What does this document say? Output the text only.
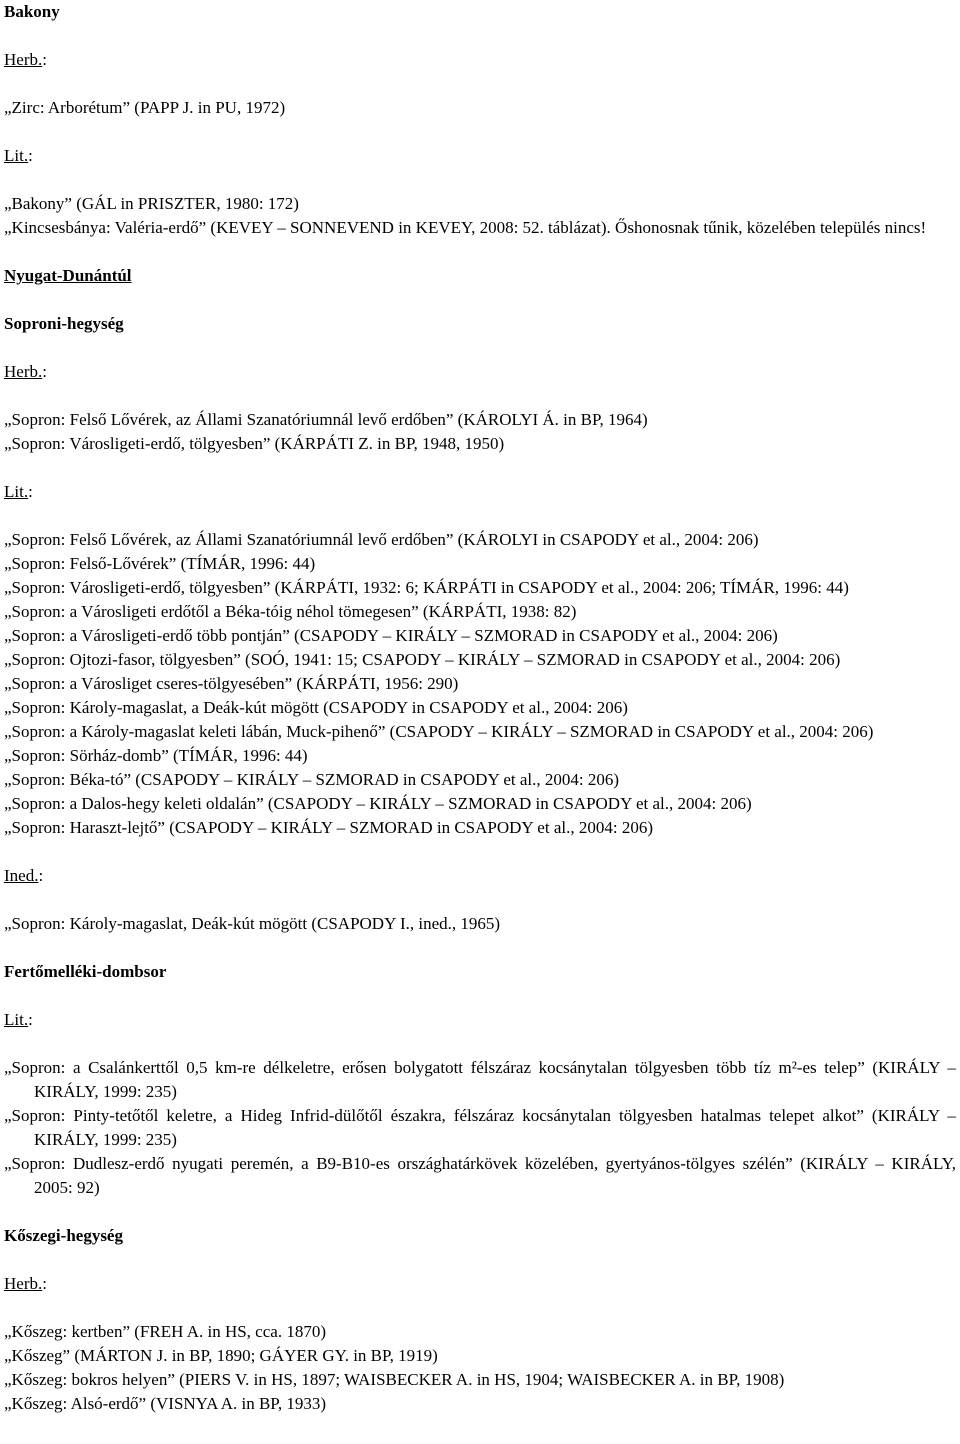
Bakony
Herb.:
„Zirc: Arborétum” (PAPP J. in PU, 1972)
Lit.:
„Bakony” (GÁL in PRISZTER, 1980: 172)
„Kincsesbánya: Valéria-erdő” (KEVEY – SONNEVEND in KEVEY, 2008: 52. táblázat). Őshonosnak tűnik, közelében település nincs!
Nyugat-Dunántúl
Soproni-hegység
Herb.:
„Sopron: Felső Lővérek, az Állami Szanatóriumnál levő erdőben” (KÁROLYI Á. in BP, 1964)
„Sopron: Városligeti-erdő, tölgyesben” (KÁRPÁTI Z. in BP, 1948, 1950)
Lit.:
„Sopron: Felső Lővérek, az Állami Szanatóriumnál levő erdőben” (KÁROLYI in CSAPODY et al., 2004: 206)
„Sopron: Felső-Lővérek” (TÍMÁR, 1996: 44)
„Sopron: Városligeti-erdő, tölgyesben” (KÁRPÁTI, 1932: 6; KÁRPÁTI in CSAPODY et al., 2004: 206; TÍMÁR, 1996: 44)
„Sopron: a Városligeti erdőtől a Béka-tóig néhol tömegesen” (KÁRPÁTI, 1938: 82)
„Sopron: a Városligeti-erdő több pontján” (CSAPODY – KIRÁLY – SZMORAD in CSAPODY et al., 2004: 206)
„Sopron: Ojtozi-fasor, tölgyesben” (SOÓ, 1941: 15; CSAPODY – KIRÁLY – SZMORAD in CSAPODY et al., 2004: 206)
„Sopron: a Városliget cseres-tölgyesében” (KÁRPÁTI, 1956: 290)
„Sopron: Károly-magaslat, a Deák-kút mögött (CSAPODY in CSAPODY et al., 2004: 206)
„Sopron: a Károly-magaslat keleti lábán, Muck-pihenő” (CSAPODY – KIRÁLY – SZMORAD in CSAPODY et al., 2004: 206)
„Sopron: Sörház-domb” (TÍMÁR, 1996: 44)
„Sopron: Béka-tó” (CSAPODY – KIRÁLY – SZMORAD in CSAPODY et al., 2004: 206)
„Sopron: a Dalos-hegy keleti oldalán” (CSAPODY – KIRÁLY – SZMORAD in CSAPODY et al., 2004: 206)
„Sopron: Haraszt-lejtő” (CSAPODY – KIRÁLY – SZMORAD in CSAPODY et al., 2004: 206)
Ined.:
„Sopron: Károly-magaslat, Deák-kút mögött (CSAPODY I., ined., 1965)
Fertőmelléki-dombsor
Lit.:
„Sopron: a Csalánkerttől 0,5 km-re délkeletre, erősen bolygatott félszáraz kocsánytalan tölgyesben több tíz m²-es telep” (KIRÁLY – KIRÁLY, 1999: 235)
„Sopron: Pinty-tetőtől keletre, a Hideg Infrid-dülőtől északra, félszáraz kocsánytalan tölgyesben hatalmas telepet alkot” (KIRÁLY – KIRÁLY, 1999: 235)
„Sopron: Dudlesz-erdő nyugati peremén, a B9-B10-es országhatárkövek közelében, gyertyános-tölgyes szélén” (KIRÁLY – KIRÁLY, 2005: 92)
Kőszegi-hegység
Herb.:
„Kőszeg: kertben” (FREH A. in HS, cca. 1870)
„Kőszeg” (MÁRTON J. in BP, 1890; GÁYER GY. in BP, 1919)
„Kőszeg: bokros helyen” (PIERS V. in HS, 1897; WAISBECKER A. in HS, 1904; WAISBECKER A. in BP, 1908)
„Kőszeg: Alsó-erdő” (VISNYA A. in BP, 1933)
